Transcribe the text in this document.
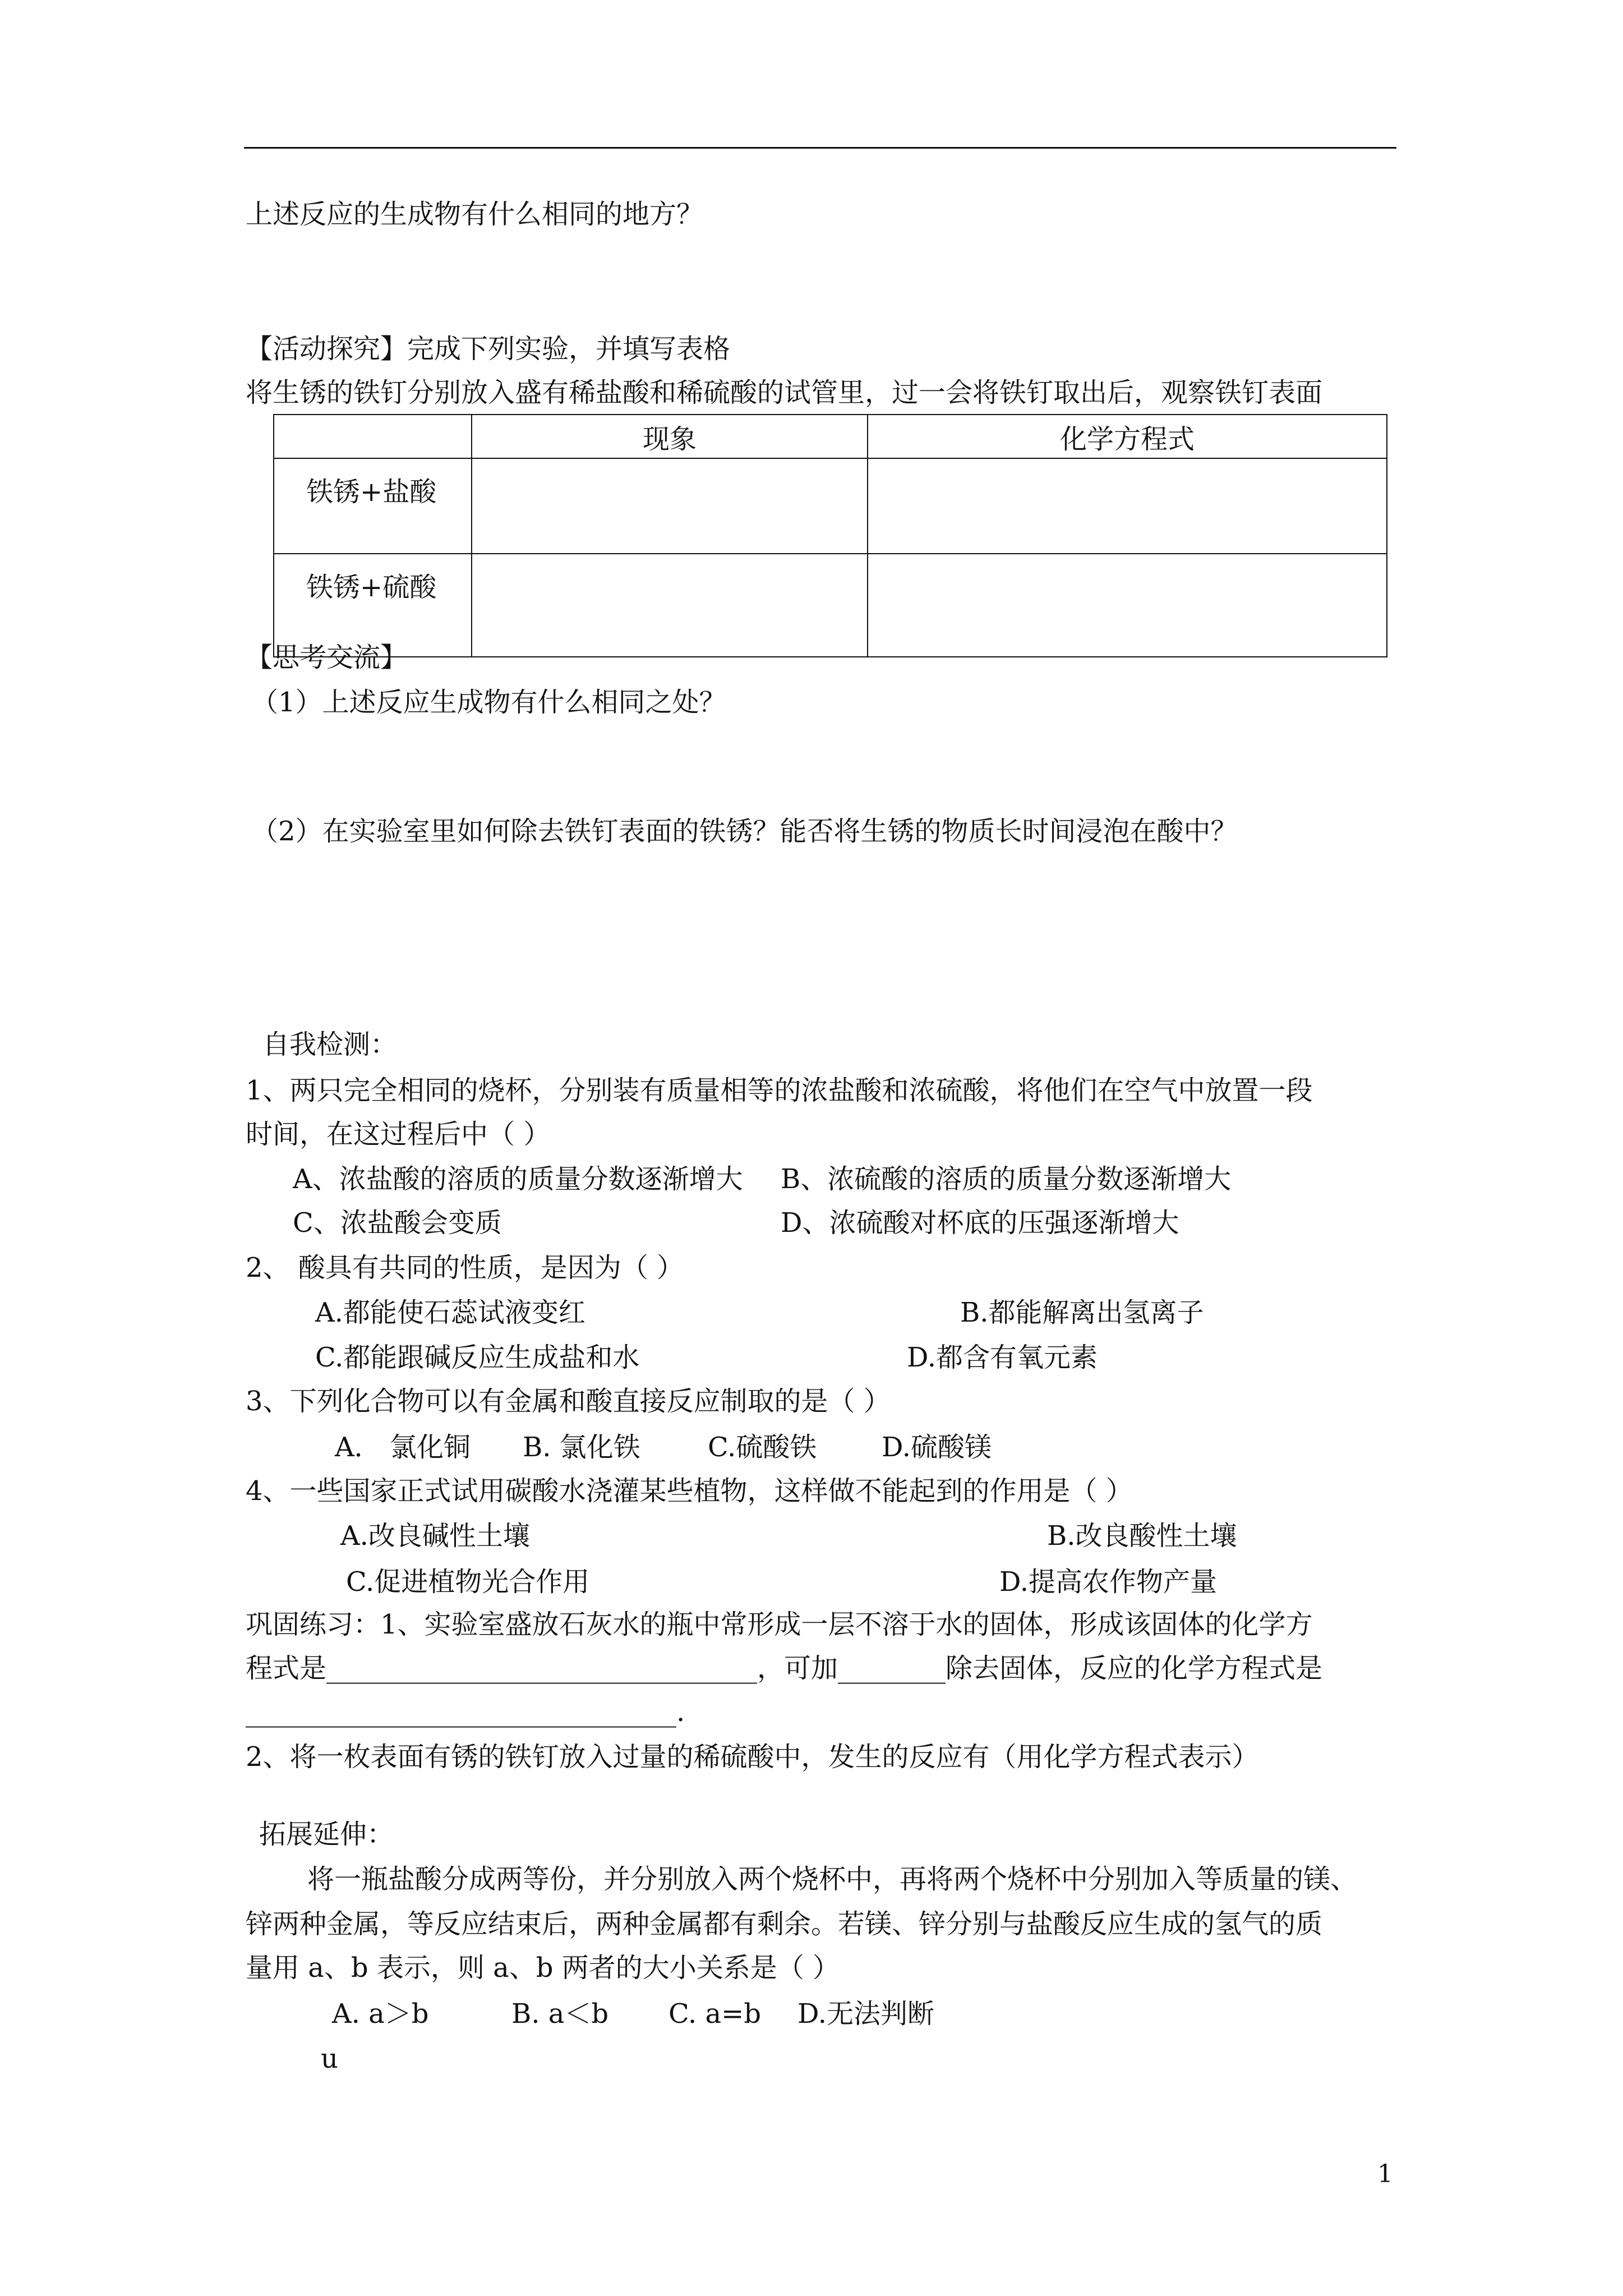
上述反应的生成物有什么相同的地方？
【活动探究】完成下列实验，并填写表格
将生锈的铁钉分别放入盛有稀盐酸和稀硫酸的试管里，过一会将铁钉取出后，观察铁钉表面
	现象	化学方程式
铁锈+盐酸		
铁锈+硫酸		
【思考交流】
（1）上述反应生成物有什么相同之处？
（2）在实验室里如何除去铁钉表面的铁锈？能否将生锈的物质长时间浸泡在酸中？
自我检测：
1、两只完全相同的烧杯，分别装有质量相等的浓盐酸和浓硫酸，将他们在空气中放置一段
时间，在这过程后中（ ）
A、浓盐酸的溶质的质量分数逐渐增大 B、浓硫酸的溶质的质量分数逐渐增大
C、浓盐酸会变质	D、浓硫酸对杯底的压强逐渐增大
2、 酸具有共同的性质，是因为（ ）
A.都能使石蕊试液变红	B.都能解离出氢离子
C.都能跟碱反应生成盐和水	D.都含有氧元素
3、下列化合物可以有金属和酸直接反应制取的是（ ）
A． 氯化铜 B. 氯化铁	C.硫酸铁 D.硫酸镁
4、一些国家正式试用碳酸水浇灌某些植物，这样做不能起到的作用是（ ）
A.改良碱性土壤	B.改良酸性土壤
C.促进植物光合作用	D.提高农作物产量
巩固练习：1、实验室盛放石灰水的瓶中常形成一层不溶于水的固体，形成该固体的化学方
程式是________________________________，可加________除去固体，反应的化学方程式是
________________________________.
2、将一枚表面有锈的铁钉放入过量的稀硫酸中，发生的反应有（用化学方程式表示）
拓展延伸：
将一瓶盐酸分成两等份，并分别放入两个烧杯中，再将两个烧杯中分别加入等质量的镁、
锌两种金属，等反应结束后，两种金属都有剩余。若镁、锌分别与盐酸反应生成的氢气的质
量用 a、b 表示，则 a、b 两者的大小关系是（ ）
A. a＞b	B. a＜b C. a=b D.无法判断
u
1
